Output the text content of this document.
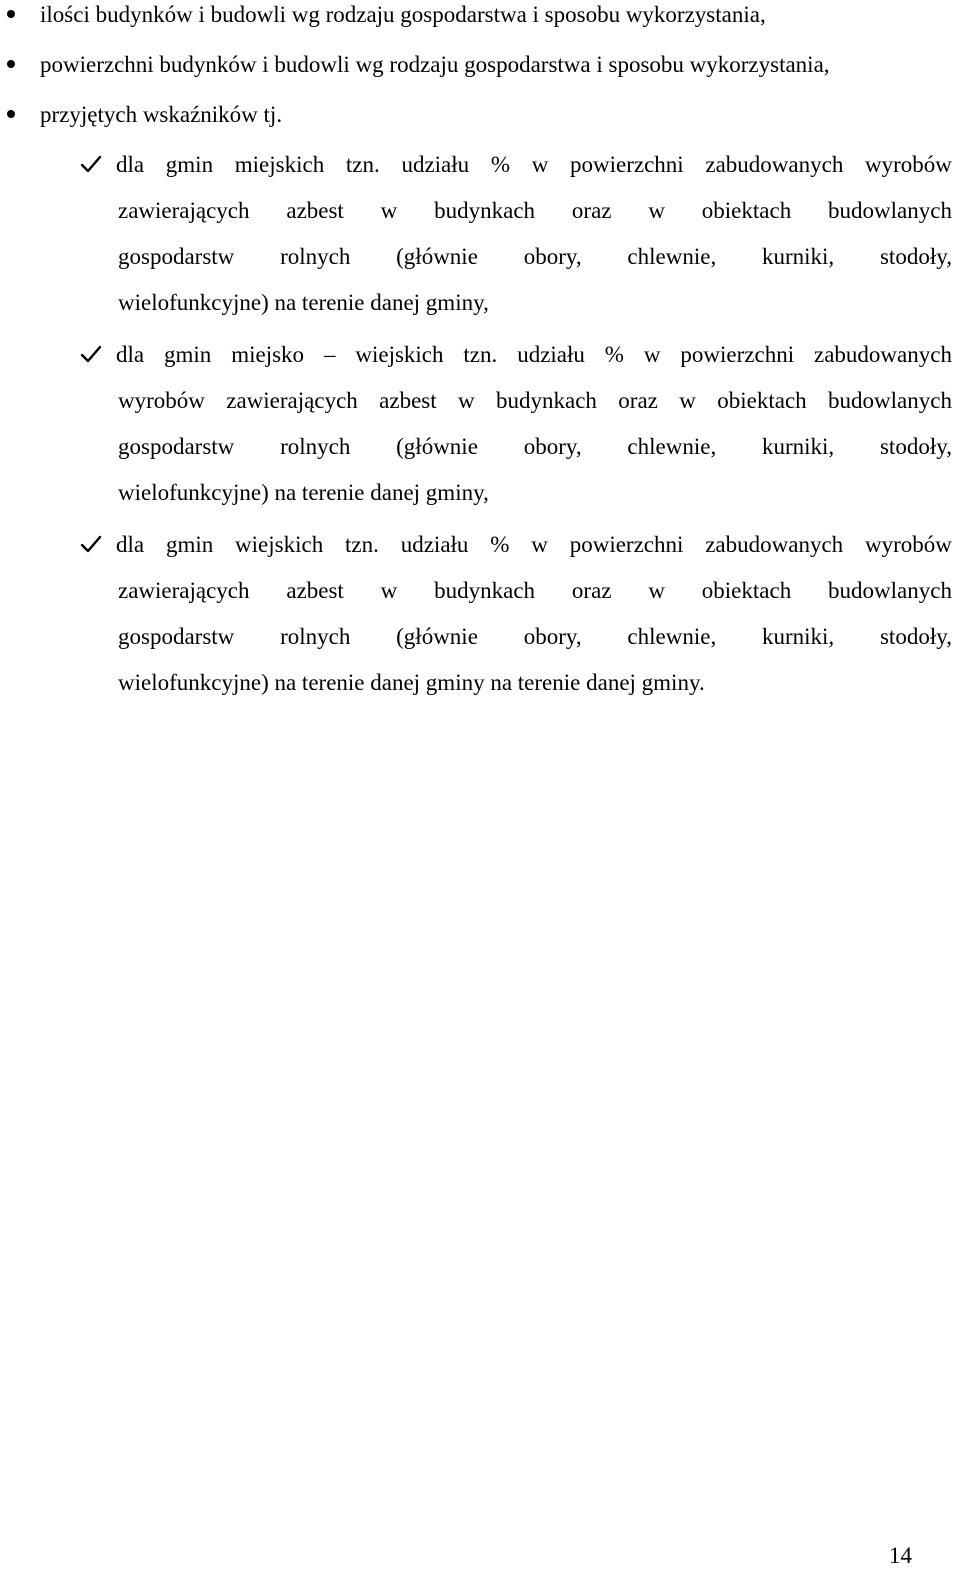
ilości budynków i budowli wg rodzaju gospodarstwa i sposobu wykorzystania,
powierzchni budynków i budowli wg rodzaju gospodarstwa i sposobu wykorzystania,
przyjętych wskaźników tj.
dla gmin miejskich tzn. udziału % w powierzchni zabudowanych wyrobów
zawierających azbest w budynkach oraz w obiektach budowlanych
gospodarstw rolnych (głównie obory, chlewnie, kurniki, stodoły,
wielofunkcyjne) na terenie danej gminy,
dla gmin miejsko – wiejskich tzn. udziału % w powierzchni zabudowanych
wyrobów zawierających azbest w budynkach oraz w obiektach budowlanych
gospodarstw rolnych (głównie obory, chlewnie, kurniki, stodoły,
wielofunkcyjne) na terenie danej gminy,
dla gmin wiejskich tzn. udziału % w powierzchni zabudowanych wyrobów
zawierających azbest w budynkach oraz w obiektach budowlanych
gospodarstw rolnych (głównie obory, chlewnie, kurniki, stodoły,
wielofunkcyjne) na terenie danej gminy na terenie danej gminy.
14
